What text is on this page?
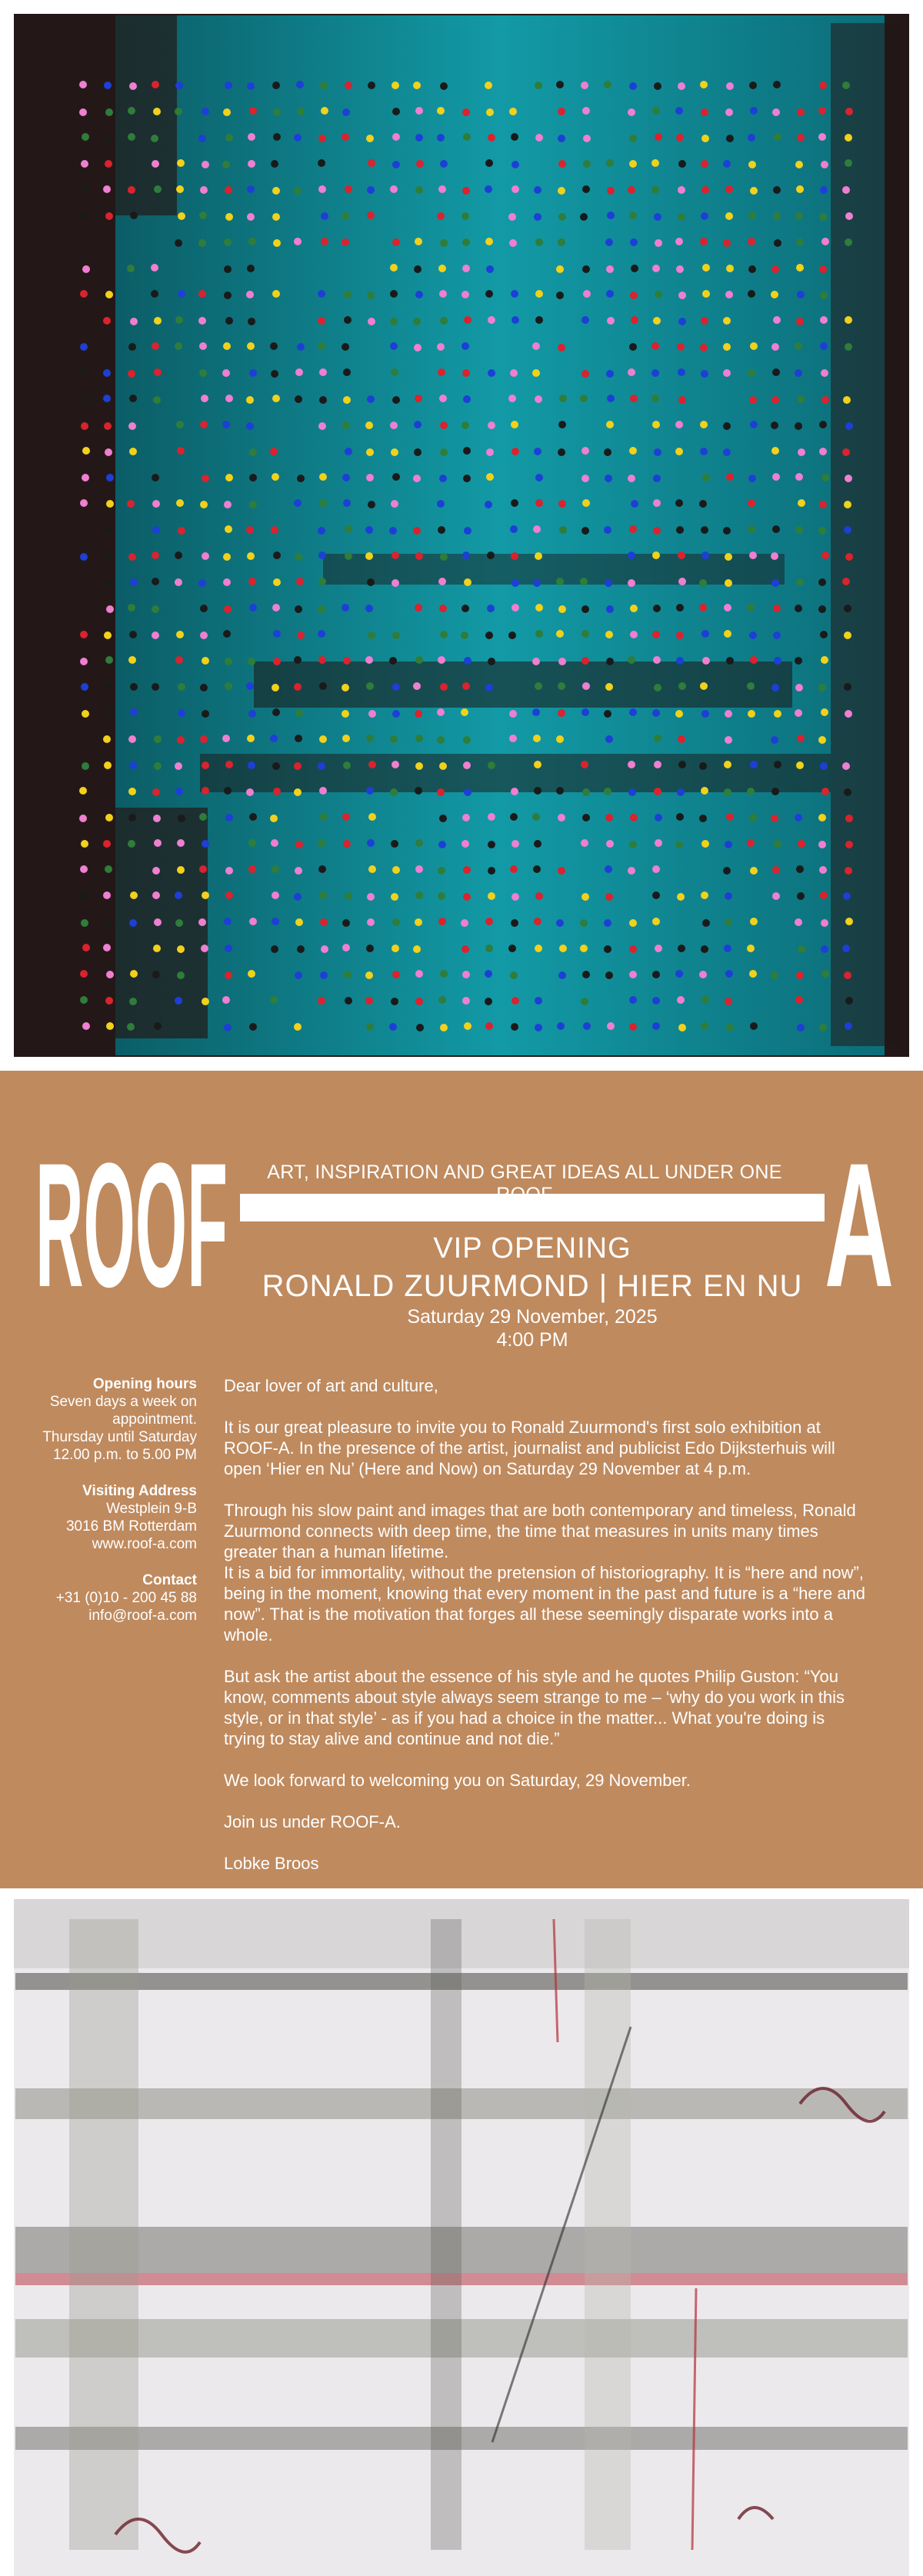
ROOF	A
ART, INSPIRATION AND GREAT IDEAS ALL UNDER ONE
VIP OPENING
RONALD ZUURMOND | HIER EN NU
Saturday 29 November, 2025
4:00 PM
Opening hours
Seven days a week on
appointment.
Thursday until Saturday
12.00 p.m. to 5.00 PM
Visiting Address
Westplein 9-B
3016 BM Rotterdam
www.roof-a.com
Contact
+31 (0)10 - 200 45 88
info@roof-a.com

Dear lover of art and culture,

It is our great pleasure to invite you to Ronald Zuurmond's first solo exhibition at ROOF-A. In the presence of the artist, journalist and publicist Edo Dijksterhuis will open ‘Hier en Nu’ (Here and Now) on Saturday 29 November at 4 p.m.

Through his slow paint and images that are both contemporary and timeless, Ronald Zuurmond connects with deep time, the time that measures in units many times greater than a human lifetime.

It is a bid for immortality, without the pretension of historiography. It is “here and now”, being in the moment, knowing that every moment in the past and future is a “here and now”. That is the motivation that forges all these seemingly disparate works into a whole.

But ask the artist about the essence of his style and he quotes Philip Guston: “You know, comments about style always seem strange to me – ‘why do you work in this style, or in that style’ - as if you had a choice in the matter... What you're doing is trying to stay alive and continue and not die.”

We look forward to welcoming you on Saturday, 29 November.

Join us under ROOF-A.

Lobke Broos
